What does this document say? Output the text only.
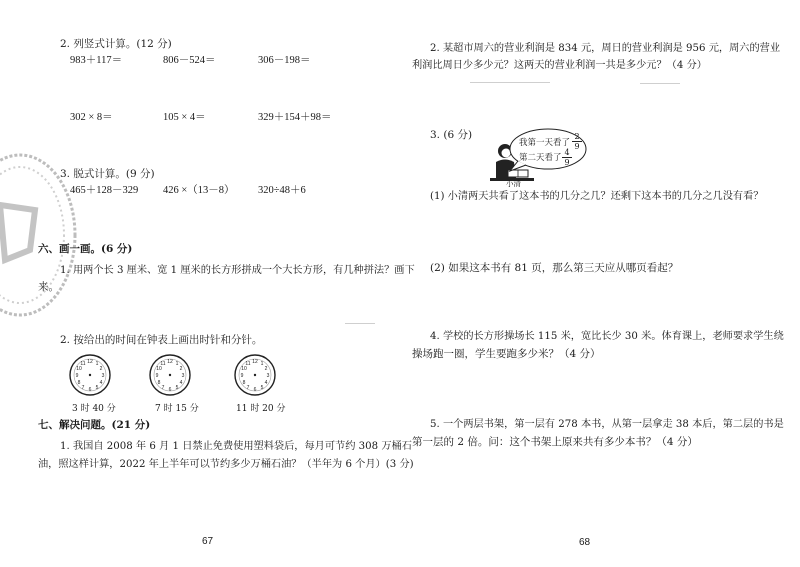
2. 列竖式计算。(12 分)
983＋117＝	806－524＝	306－198＝
302 × 8＝	105 × 4＝	329＋154＋98＝
3. 脱式计算。(9 分)
465＋128－329 426 ×（13－8） 320÷48＋6
六、画一画。(6 分)
1. 用两个长 3 厘米、宽 1 厘米的长方形拼成一个大长方形，有几种拼法？画下
来。
2. 按给出的时间在钟表上画出时针和分针。
12
3
6
9
1
2
4
5
7
8
10
11	12
3
6
9
1
2
4
5
7
8
10
11	12
3
6
9
1
2
4
5
7
8
10
11
3 时 40 分	7 时 15 分	11 时 20 分
七、解决问题。(21 分)
1. 我国自 2008 年 6 月 1 日禁止免费使用塑料袋后，每月可节约 308 万桶石
油，照这样计算，2022 年上半年可以节约多少万桶石油？（半年为 6 个月）(3 分)
67
2. 某超市周六的营业利润是 834 元，周日的营业利润是 956 元，周六的营业
利润比周日少多少元？这两天的营业利润一共是多少元？（4 分）
3. (6 分)
小清
我第一天看了
第二天看了
$\frac{2}{9}$
$\frac{4}{9}$
(1) 小清两天共看了这本书的几分之几？还剩下这本书的几分之几没有看？
(2) 如果这本书有 81 页，那么第三天应从哪页看起？
4. 学校的长方形操场长 115 米，宽比长少 30 米。体育课上，老师要求学生绕
操场跑一圈，学生要跑多少米？（4 分）
5. 一个两层书架，第一层有 278 本书，从第一层拿走 38 本后，第二层的书是
第一层的 2 倍。问：这个书架上原来共有多少本书？（4 分）
68
